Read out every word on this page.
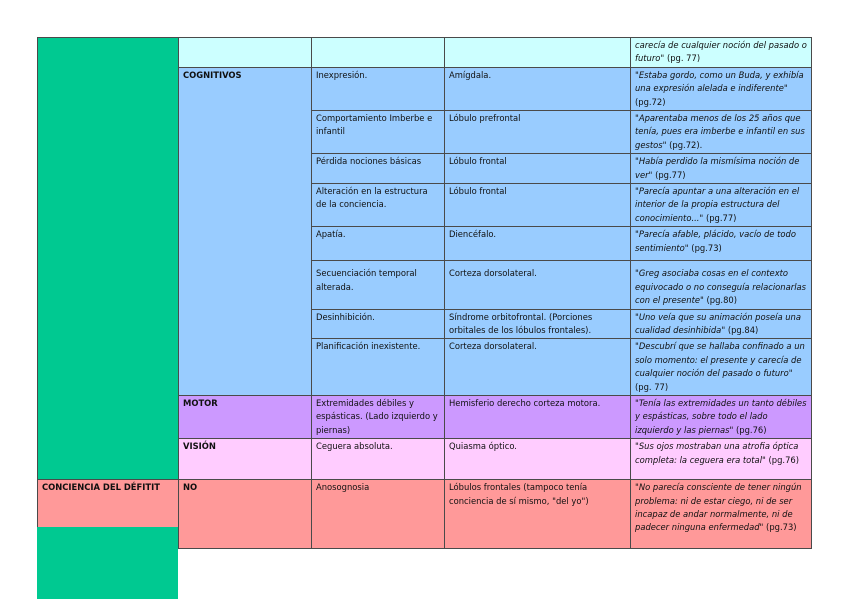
				carecía de cualquier noción del pasado o futuro" (pg. 77)
	COGNITIVOS	Inexpresión.	Amígdala.	"Estaba gordo, como un Buda, y exhibía una expresión alelada e indiferente" (pg.72)
		Comportamiento Imberbe e infantil	Lóbulo prefrontal	"Aparentaba menos de los 25 años que tenía, pues era imberbe e infantil en sus gestos" (pg.72).
		Pérdida nociones básicas	Lóbulo frontal	"Había perdido la mismísima noción de ver" (pg.77)
		Alteración en la estructura de la conciencia.	Lóbulo frontal	"Parecía apuntar a una alteración en el interior de la propia estructura del conocimiento..." (pg.77)
		Apatía.	Diencéfalo.	"Parecía afable, plácido, vacío de todo sentimiento" (pg.73)
		Secuenciación temporal alterada.	Corteza dorsolateral.	"Greg asociaba cosas en el contexto equivocado o no conseguía relacionarlas con el presente" (pg.80)
		Desinhibición.	Síndrome orbitofrontal. (Porciones orbitales de los lóbulos frontales).	"Uno veía que su animación poseía una cualidad desinhibida" (pg.84)
		Planificación inexistente.	Corteza dorsolateral.	"Descubrí que se hallaba confinado a un solo momento: el presente y carecía de cualquier noción del pasado o futuro" (pg. 77)
	MOTOR	Extremidades débiles y espásticas. (Lado izquierdo y piernas)	Hemisferio derecho corteza motora.	"Tenía las extremidades un tanto débiles y espásticas, sobre todo el lado izquierdo y las piernas" (pg.76)
	VISIÓN	Ceguera absoluta.	Quiasma óptico.	"Sus ojos mostraban una atrofia óptica completa: la ceguera era total" (pg.76)
CONCIENCIA DEL DÉFITIT	NO	Anosognosia	Lóbulos frontales (tampoco tenía conciencia de sí mismo, "del yo")	"No parecía consciente de tener ningún problema: ni de estar ciego, ni de ser incapaz de andar normalmente, ni de padecer ninguna enfermedad" (pg.73)
